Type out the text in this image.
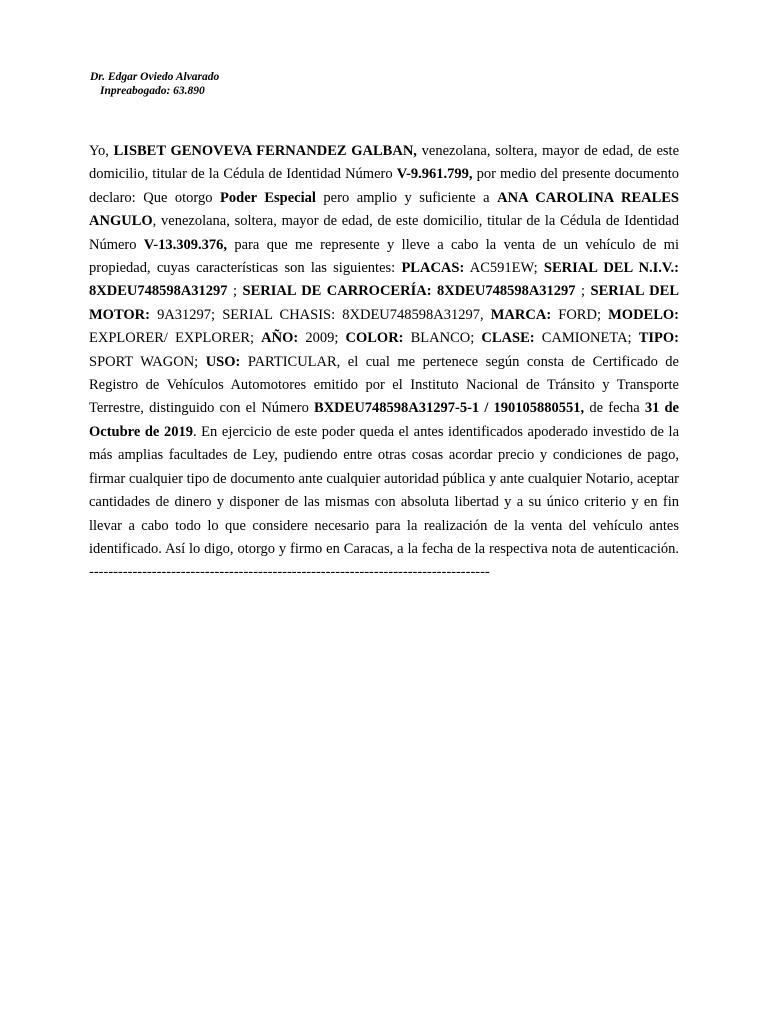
Dr. Edgar Oviedo Alvarado
Inpreabogado: 63.890
Yo, LISBET GENOVEVA FERNANDEZ GALBAN, venezolana, soltera, mayor de edad, de este domicilio, titular de la Cédula de Identidad Número V-9.961.799, por medio del presente documento declaro: Que otorgo Poder Especial pero amplio y suficiente a ANA CAROLINA REALES ANGULO, venezolana, soltera, mayor de edad, de este domicilio, titular de la Cédula de Identidad Número V-13.309.376, para que me represente y lleve a cabo la venta de un vehículo de mi propiedad, cuyas características son las siguientes: PLACAS: AC591EW; SERIAL DEL N.I.V.: 8XDEU748598A31297 ; SERIAL DE CARROCERÍA: 8XDEU748598A31297 ; SERIAL DEL MOTOR: 9A31297; SERIAL CHASIS: 8XDEU748598A31297, MARCA: FORD; MODELO: EXPLORER/ EXPLORER; AÑO: 2009; COLOR: BLANCO; CLASE: CAMIONETA; TIPO: SPORT WAGON; USO: PARTICULAR, el cual me pertenece según consta de Certificado de Registro de Vehículos Automotores emitido por el Instituto Nacional de Tránsito y Transporte Terrestre, distinguido con el Número BXDEU748598A31297-5-1 / 190105880551, de fecha 31 de Octubre de 2019. En ejercicio de este poder queda el antes identificados apoderado investido de la más amplias facultades de Ley, pudiendo entre otras cosas acordar precio y condiciones de pago, firmar cualquier tipo de documento ante cualquier autoridad pública y ante cualquier Notario, aceptar cantidades de dinero y disponer de las mismas con absoluta libertad y a su único criterio y en fin llevar a cabo todo lo que considere necesario para la realización de la venta del vehículo antes identificado. Así lo digo, otorgo y firmo en Caracas, a la fecha de la respectiva nota de autenticación. -----------------------------------------------------------------------------------
